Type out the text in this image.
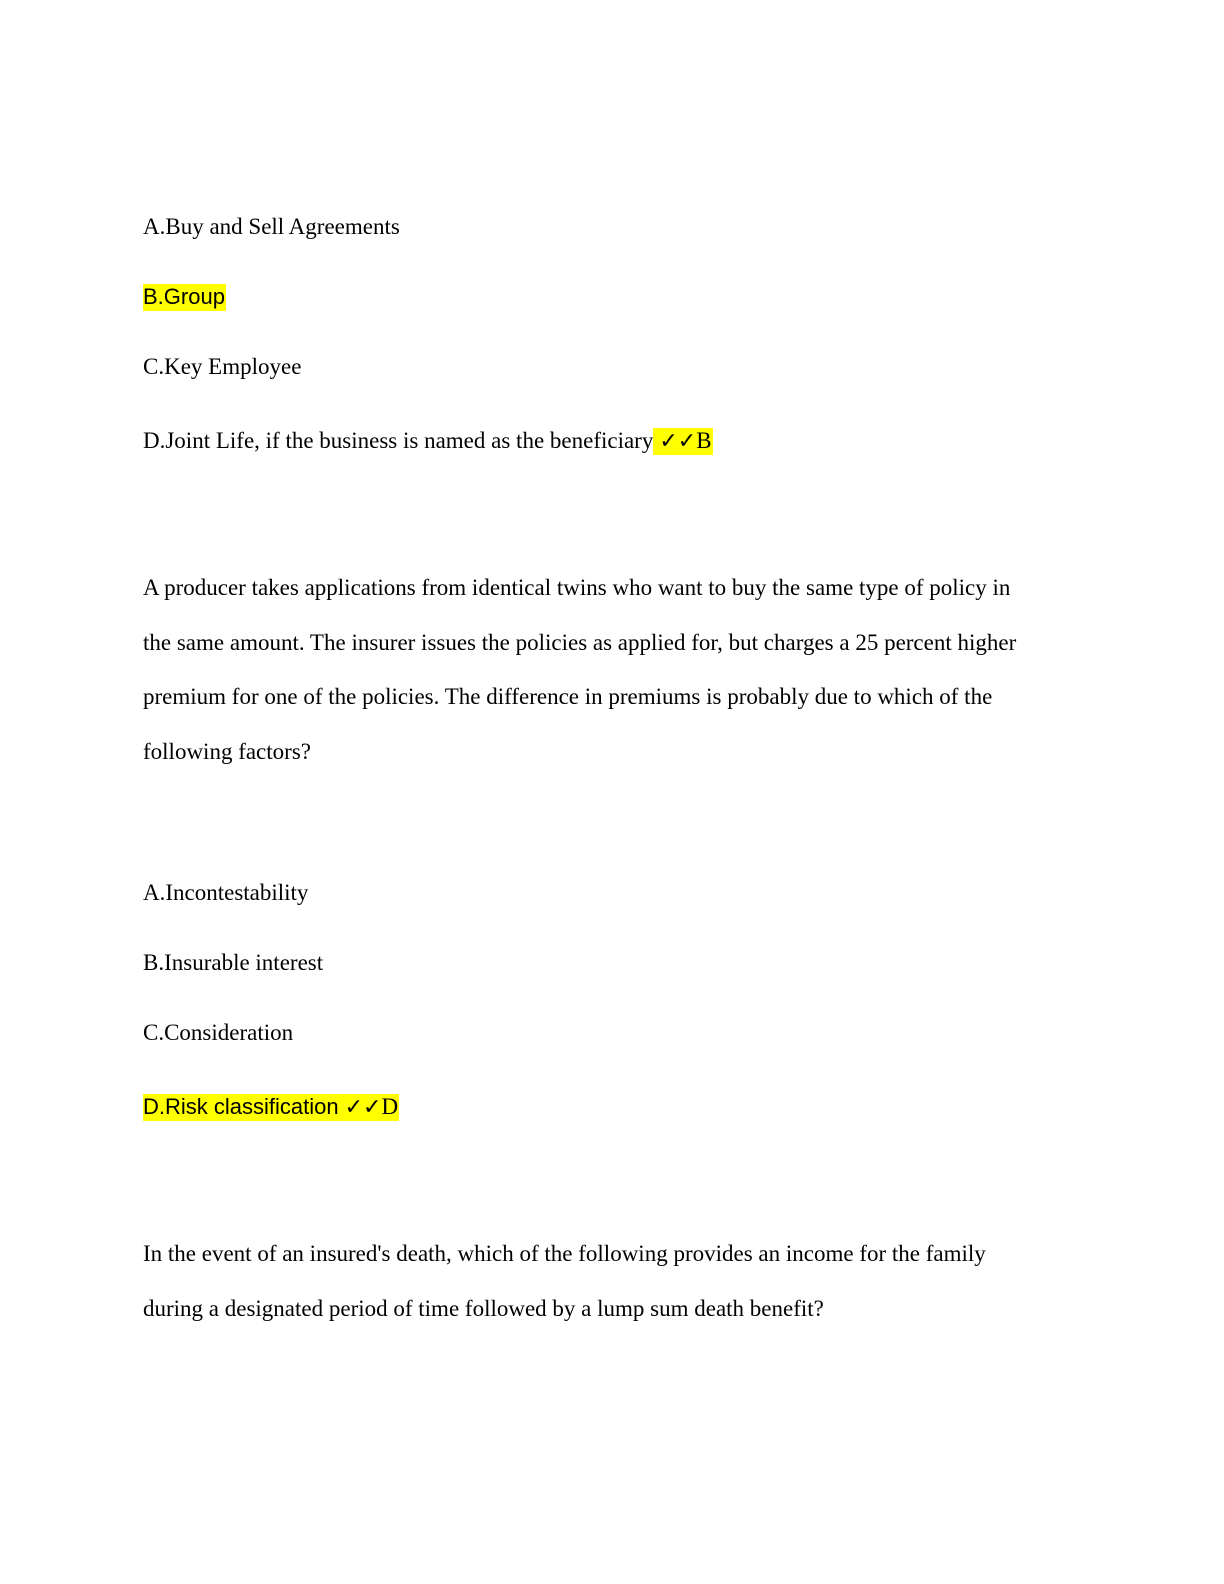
A.Buy and Sell Agreements
B.Group
C.Key Employee
D.Joint Life, if the business is named as the beneficiary ✓✓B
A producer takes applications from identical twins who want to buy the same type of policy in
the same amount. The insurer issues the policies as applied for, but charges a 25 percent higher
premium for one of the policies. The difference in premiums is probably due to which of the
following factors?
A.Incontestability
B.Insurable interest
C.Consideration
D.Risk classification ✓✓D
In the event of an insured's death, which of the following provides an income for the family
during a designated period of time followed by a lump sum death benefit?
